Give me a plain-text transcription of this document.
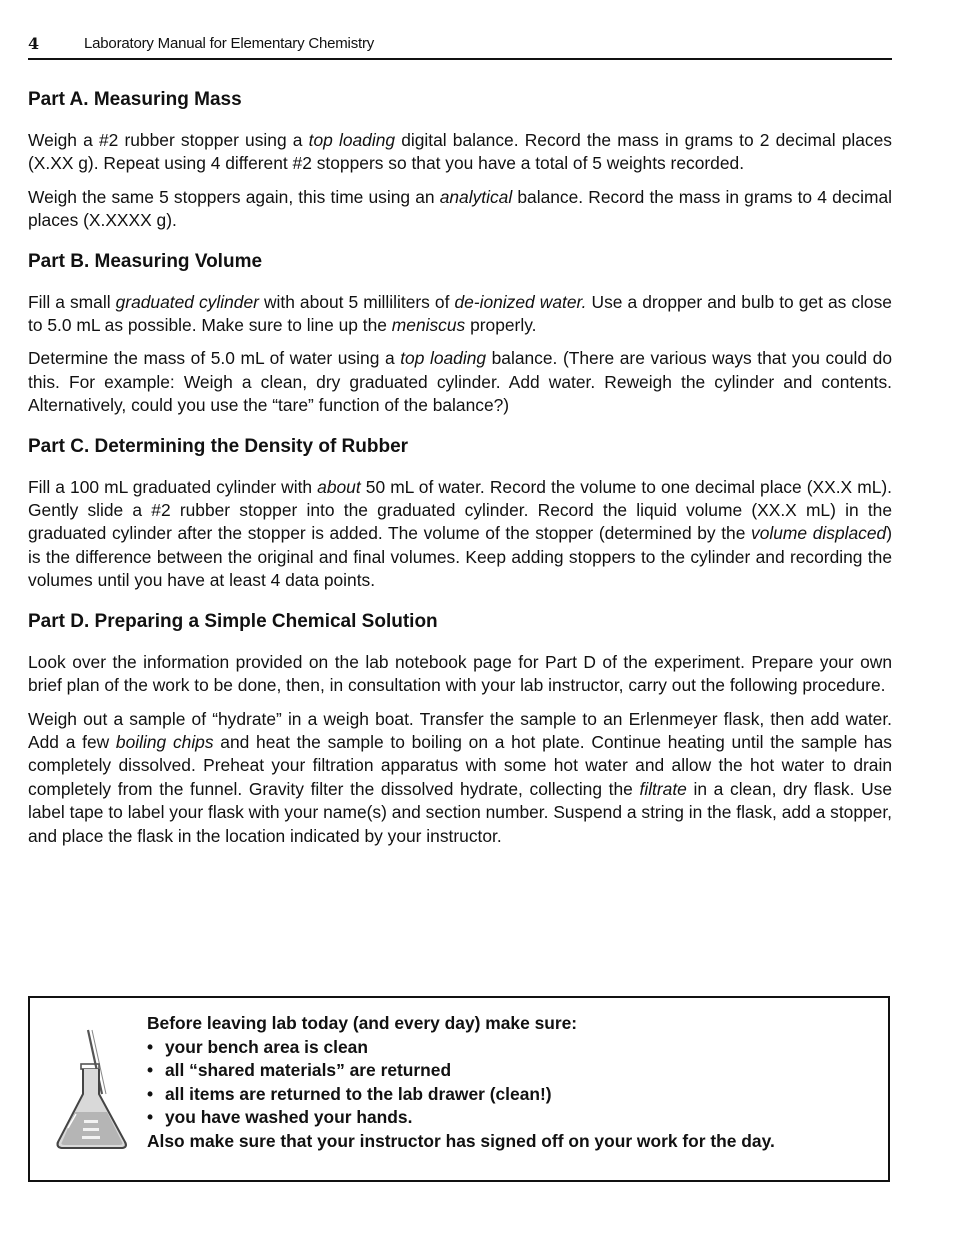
4	Laboratory Manual for Elementary Chemistry
Part A. Measuring Mass

Weigh a #2 rubber stopper using a top loading digital balance. Record the mass in grams to 2 decimal places (X.XX g). Repeat using 4 different #2 stoppers so that you have a total of 5 weights recorded.

Weigh the same 5 stoppers again, this time using an analytical balance. Record the mass in grams to 4 decimal places (X.XXXX g).

Part B. Measuring Volume

Fill a small graduated cylinder with about 5 milliliters of de-ionized water. Use a dropper and bulb to get as close to 5.0 mL as possible. Make sure to line up the meniscus properly.

Determine the mass of 5.0 mL of water using a top loading balance. (There are various ways that you could do this. For example: Weigh a clean, dry graduated cylinder. Add water. Reweigh the cylinder and contents. Alternatively, could you use the “tare” function of the balance?)

Part C. Determining the Density of Rubber

Fill a 100 mL graduated cylinder with about 50 mL of water. Record the volume to one decimal place (XX.X mL). Gently slide a #2 rubber stopper into the graduated cylinder. Record the liquid volume (XX.X mL) in the graduated cylinder after the stopper is added. The volume of the stopper (determined by the volume displaced) is the difference between the original and final volumes. Keep adding stoppers to the cylinder and recording the volumes until you have at least 4 data points.

Part D. Preparing a Simple Chemical Solution

Look over the information provided on the lab notebook page for Part D of the experiment. Prepare your own brief plan of the work to be done, then, in consultation with your lab instructor, carry out the following procedure.

Weigh out a sample of “hydrate” in a weigh boat. Transfer the sample to an Erlenmeyer flask, then add water. Add a few boiling chips and heat the sample to boiling on a hot plate. Continue heating until the sample has completely dissolved. Preheat your filtration apparatus with some hot water and allow the hot water to drain completely from the funnel. Gravity filter the dissolved hydrate, collecting the filtrate in a clean, dry flask. Use label tape to label your flask with your name(s) and section number. Suspend a string in the flask, add a stopper, and place the flask in the location indicated by your instructor.

Before leaving lab today (and every day) make sure:
• your bench area is clean
• all “shared materials” are returned
• all items are returned to the lab drawer (clean!)
• you have washed your hands.
Also make sure that your instructor has signed off on your work for the day.
